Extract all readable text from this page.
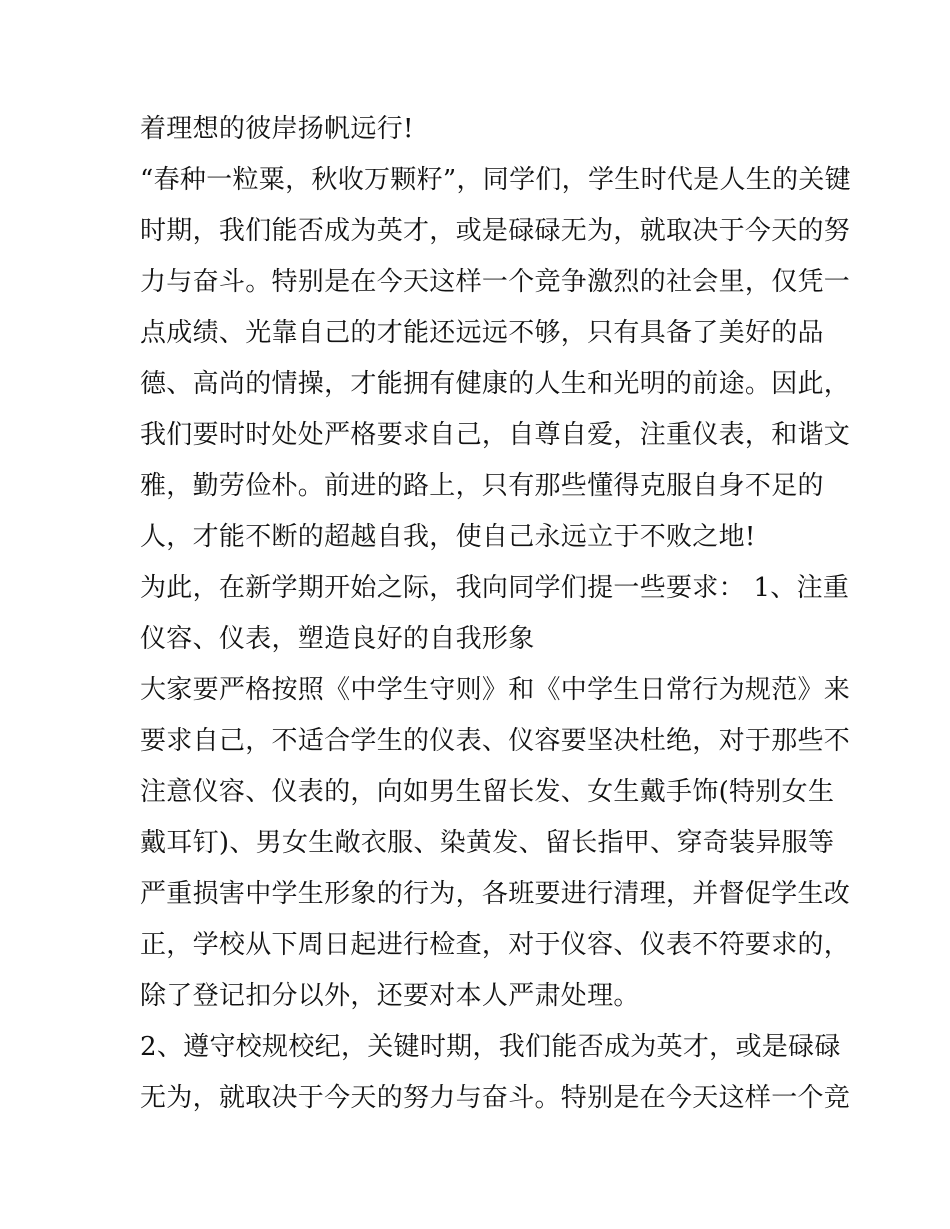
着理想的彼岸扬帆远行!
“春种一粒粟，秋收万颗籽”，同学们，学生时代是人生的关键
时期，我们能否成为英才，或是碌碌无为，就取决于今天的努
力与奋斗。特别是在今天这样一个竞争激烈的社会里，仅凭一
点成绩、光靠自己的才能还远远不够，只有具备了美好的品
德、高尚的情操，才能拥有健康的人生和光明的前途。因此，
我们要时时处处严格要求自己，自尊自爱，注重仪表，和谐文
雅，勤劳俭朴。前进的路上，只有那些懂得克服自身不足的
人，才能不断的超越自我，使自己永远立于不败之地!
为此，在新学期开始之际，我向同学们提一些要求： 1、注重
仪容、仪表，塑造良好的自我形象
大家要严格按照《中学生守则》和《中学生日常行为规范》来
要求自己，不适合学生的仪表、仪容要坚决杜绝，对于那些不
注意仪容、仪表的，向如男生留长发、女生戴手饰(特别女生
戴耳钉)、男女生敞衣服、染黄发、留长指甲、穿奇装异服等
严重损害中学生形象的行为，各班要进行清理，并督促学生改
正，学校从下周日起进行检查，对于仪容、仪表不符要求的，
除了登记扣分以外，还要对本人严肃处理。
2、遵守校规校纪，关键时期，我们能否成为英才，或是碌碌
无为，就取决于今天的努力与奋斗。特别是在今天这样一个竞
